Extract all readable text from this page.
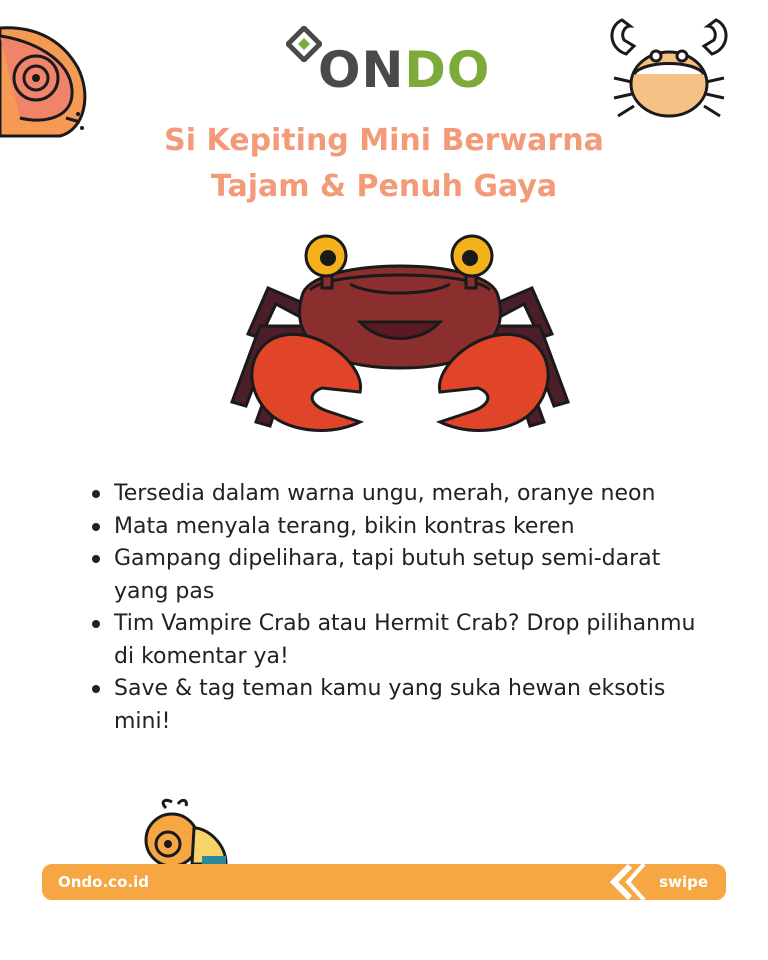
ONDO
Si Kepiting Mini Berwarna
Tajam & Penuh Gaya
Tersedia dalam warna ungu, merah, oranye neon
Mata menyala terang, bikin kontras keren
Gampang dipelihara, tapi butuh setup semi-darat yang pas
Tim Vampire Crab atau Hermit Crab? Drop pilihanmu di komentar ya!
Save & tag teman kamu yang suka hewan eksotis mini!
Ondo.co.id	swipe
